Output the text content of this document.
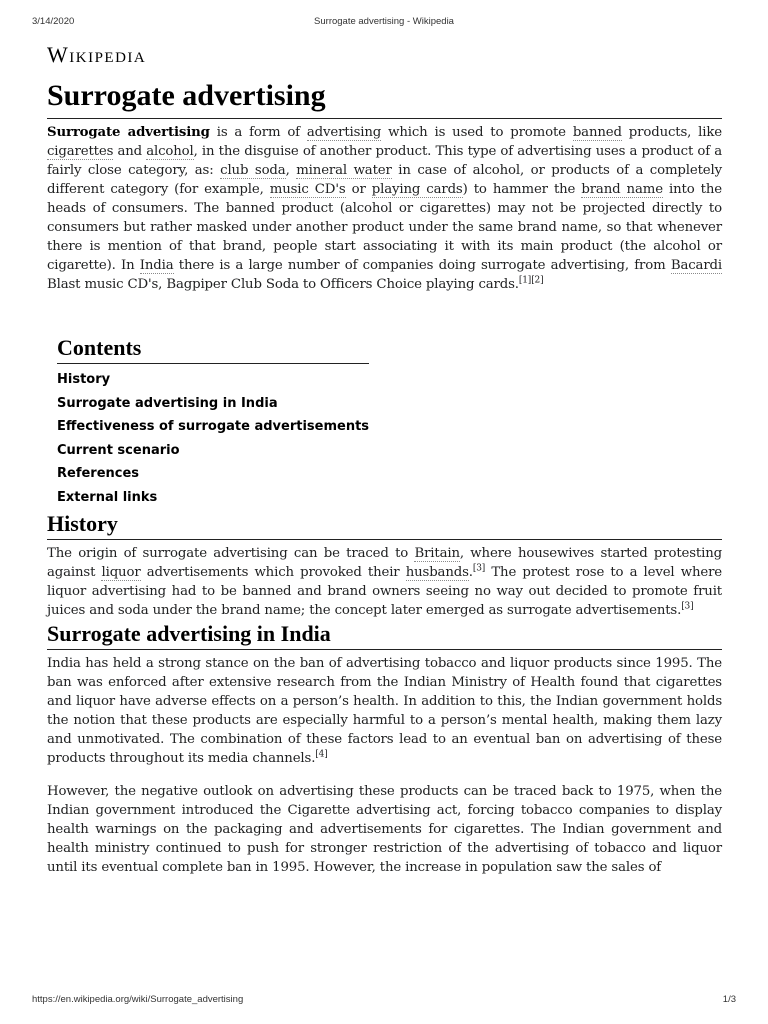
3/14/2020	Surrogate advertising - Wikipedia
Wikipedia
Surrogate advertising

Surrogate advertising is a form of advertising which is used to promote banned products, like cigarettes and alcohol, in the disguise of another product. This type of advertising uses a product of a fairly close category, as: club soda, mineral water in case of alcohol, or products of a completely different category (for example, music CD's or playing cards) to hammer the brand name into the heads of consumers. The banned product (alcohol or cigarettes) may not be projected directly to consumers but rather masked under another product under the same brand name, so that whenever there is mention of that brand, people start associating it with its main product (the alcohol or cigarette). In India there is a large number of companies doing surrogate advertising, from Bacardi Blast music CD's, Bagpiper Club Soda to Officers Choice playing cards.[1][2]

Contents
History
Surrogate advertising in India
Effectiveness of surrogate advertisements
Current scenario
References
External links
History

The origin of surrogate advertising can be traced to Britain, where housewives started protesting against liquor advertisements which provoked their husbands.[3] The protest rose to a level where liquor advertising had to be banned and brand owners seeing no way out decided to promote fruit juices and soda under the brand name; the concept later emerged as surrogate advertisements.[3]

Surrogate advertising in India

India has held a strong stance on the ban of advertising tobacco and liquor products since 1995. The ban was enforced after extensive research from the Indian Ministry of Health found that cigarettes and liquor have adverse effects on a person’s health. In addition to this, the Indian government holds the notion that these products are especially harmful to a person’s mental health, making them lazy and unmotivated. The combination of these factors lead to an eventual ban on advertising of these products throughout its media channels.[4]

However, the negative outlook on advertising these products can be traced back to 1975, when the Indian government introduced the Cigarette advertising act, forcing tobacco companies to display health warnings on the packaging and advertisements for cigarettes. The Indian government and health ministry continued to push for stronger restriction of the advertising of tobacco and liquor until its eventual complete ban in 1995. However, the increase in population saw the sales of

https://en.wikipedia.org/wiki/Surrogate_advertising	1/3
